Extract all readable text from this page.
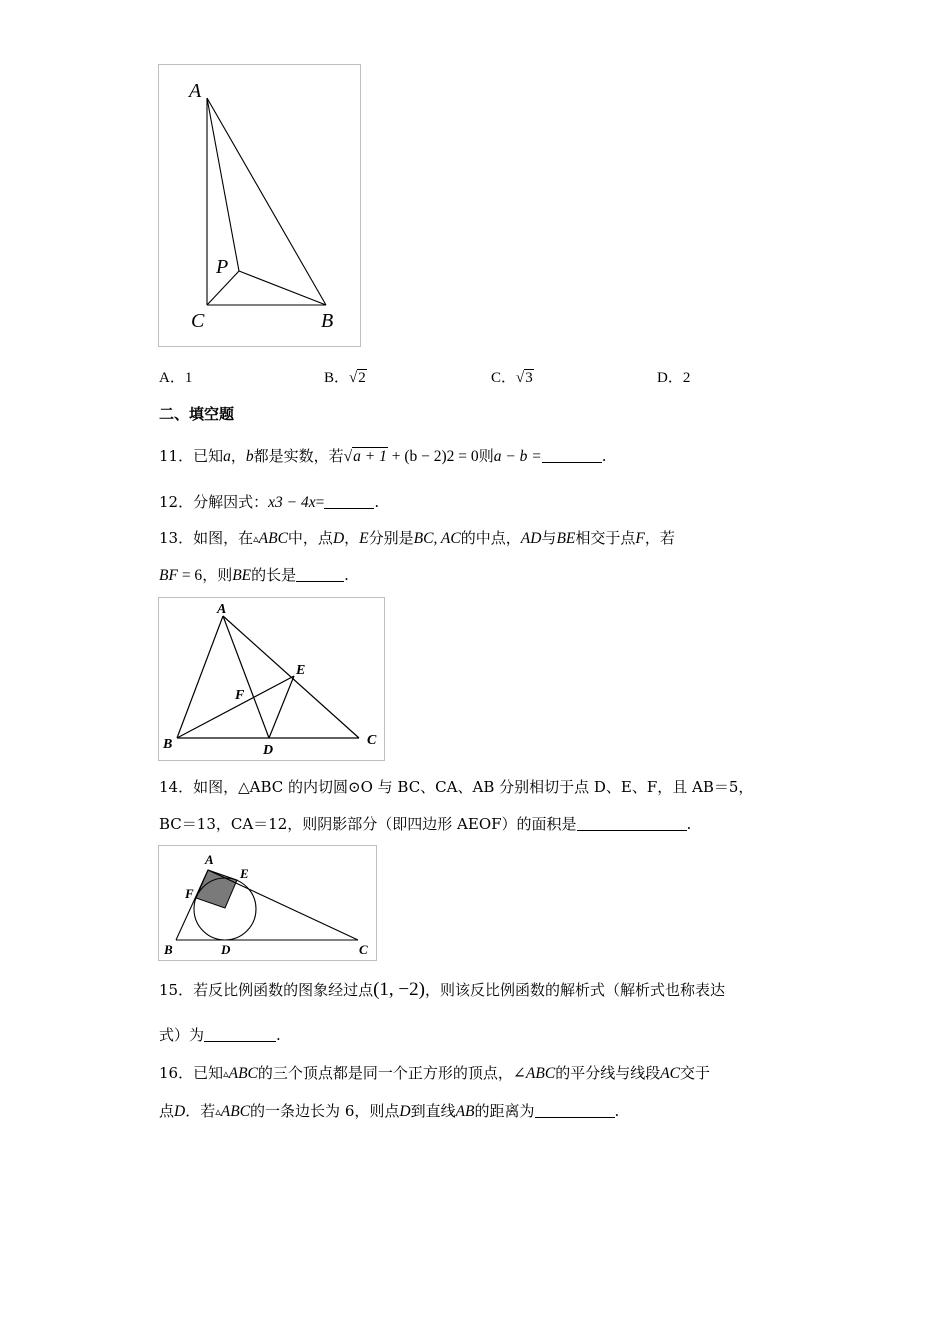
A
P
C	B
A．1	B．√2	C．√3	D．2
二、填空题
11．已知a，b都是实数，若√a + 1 + (b − 2)2 = 0则a − b =	.
12．分解因式：x3 − 4x=	.
13．如图，在▵ABC中，点D，E分别是BC, AC的中点，AD与BE相交于点F，若
BF = 6，则BE的长是	.
A
E
F
B	D
C
14．如图，△ABC 的内切圆⊙O 与 BC、CA、AB 分别相切于点 D、E、F，且 AB＝5，
BC＝13，CA＝12，则阴影部分（即四边形 AEOF）的面积是	.
A
E
F
B	D	C
15．若反比例函数的图象经过点(1, −2)，则该反比例函数的解析式（解析式也称表达
式）为	.
16．已知▵ABC的三个顶点都是同一个正方形的顶点，∠ABC的平分线与线段AC交于
点D．若▵ABC的一条边长为 6，则点D到直线AB的距离为	.
